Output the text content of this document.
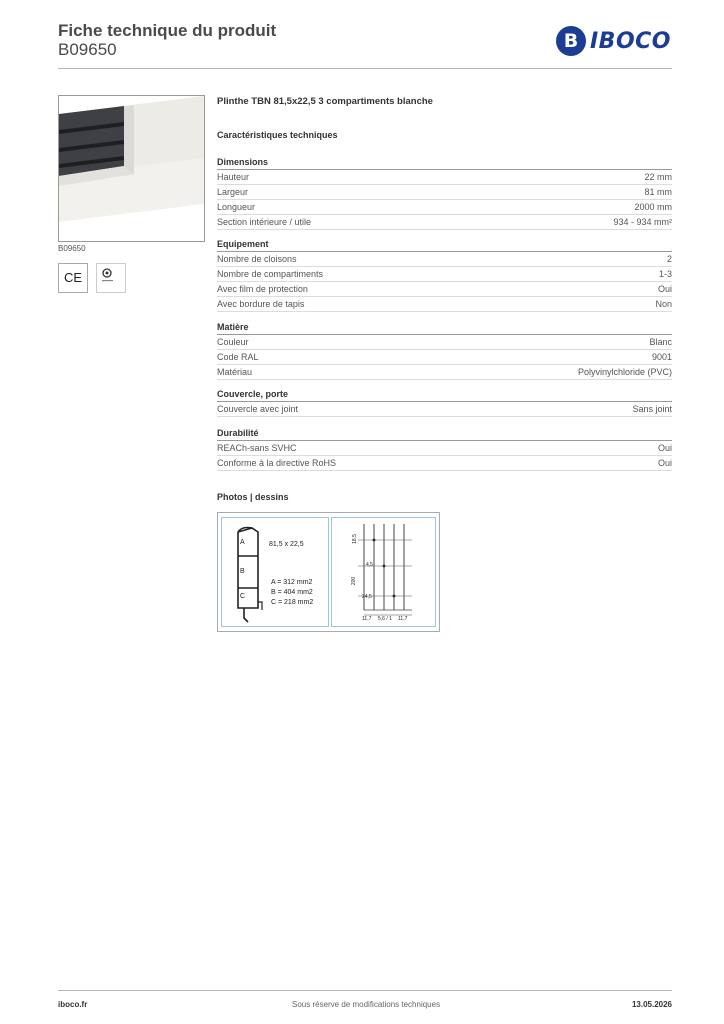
Fiche technique du produit
B09650	B IBOCO
B09650
CE
Plinthe TBN 81,5x22,5 3 compartiments blanche
Caractéristiques techniques
Dimensions
Hauteur	22 mm
Largeur	81 mm
Longueur	2000 mm
Section intérieure / utile	934 - 934 mm²
Equipement
Nombre de cloisons	2
Nombre de compartiments	1-3
Avec film de protection	Oui
Avec bordure de tapis	Non
Matière
Couleur	Blanc
Code RAL	9001
Matériau	Polyvinylchloride (PVC)
Couvercle, porte
Couvercle avec joint	Sans joint
Durabilité
REACh-sans SVHC	Oui
Conforme à la directive RoHS	Oui
Photos | dessins
A
B
C
81,5 x 22,5
A = 312 mm2
B = 404 mm2
C = 218 mm2
18,5
4,5
200
24,5
11,7 5,6 / 1 11,7
iboco.fr	Sous réserve de modifications techniques	13.05.2026
